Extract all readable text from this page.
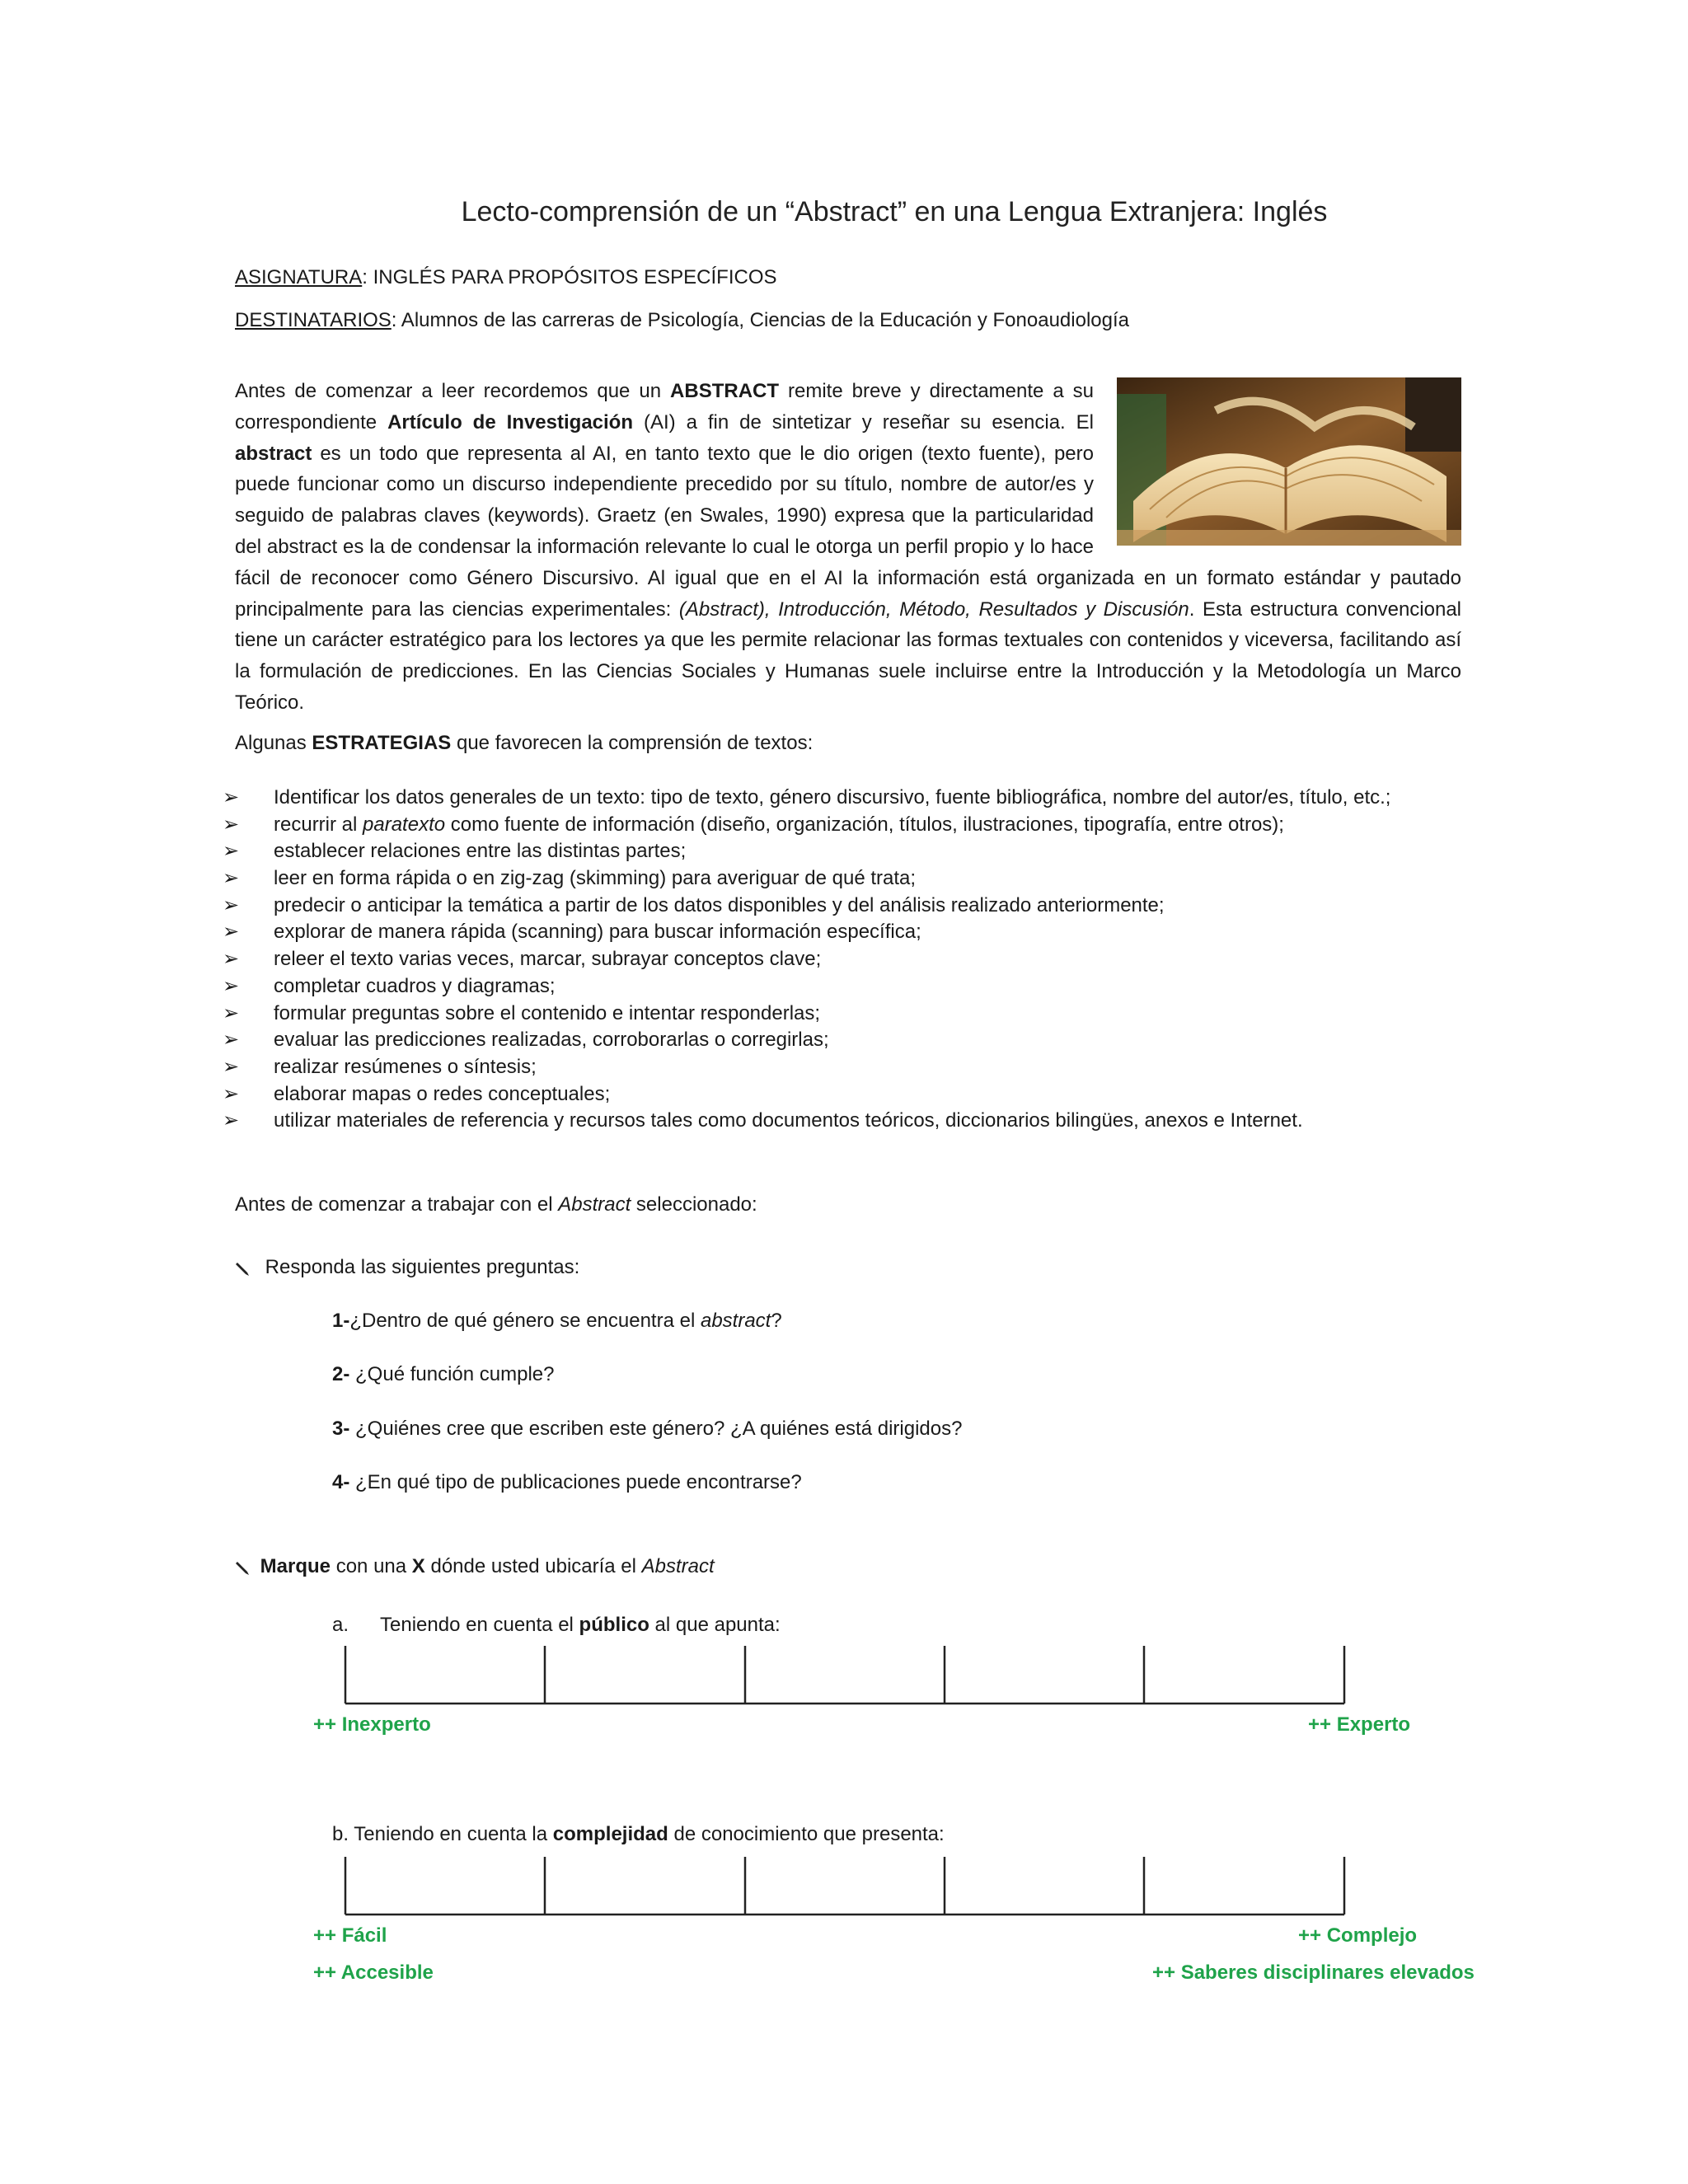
Lecto-comprensión de un “Abstract” en una Lengua Extranjera: Inglés
ASIGNATURA: INGLÉS PARA PROPÓSITOS ESPECÍFICOS
DESTINATARIOS: Alumnos de las carreras de Psicología, Ciencias de la Educación y Fonoaudiología

Antes de comenzar a leer recordemos que un ABSTRACT remite breve y directamente a su correspondiente Artículo de Investigación (AI) a fin de sintetizar y reseñar su esencia. El abstract es un todo que representa al AI, en tanto texto que le dio origen (texto fuente), pero puede funcionar como un discurso independiente precedido por su título, nombre de autor/es y seguido de palabras claves (keywords). Graetz (en Swales, 1990) expresa que la particularidad del abstract es la de condensar la información relevante lo cual le otorga un perfil propio y lo hace fácil de reconocer como Género Discursivo. Al igual que en el AI la información está organizada en un formato estándar y pautado principalmente para las ciencias experimentales: (Abstract), Introducción, Método, Resultados y Discusión. Esta estructura convencional tiene un carácter estratégico para los lectores ya que les permite relacionar las formas textuales con contenidos y viceversa, facilitando así la formulación de predicciones. En las Ciencias Sociales y Humanas suele incluirse entre la Introducción y la Metodología un Marco Teórico.

Algunas ESTRATEGIAS que favorecen la comprensión de textos:
➢ Identificar los datos generales de un texto: tipo de texto, género discursivo, fuente bibliográfica, nombre del autor/es, título, etc.;
➢ recurrir al paratexto como fuente de información (diseño, organización, títulos, ilustraciones, tipografía, entre otros);
➢ establecer relaciones entre las distintas partes;
➢ leer en forma rápida o en zig-zag (skimming) para averiguar de qué trata;
➢ predecir o anticipar la temática a partir de los datos disponibles y del análisis realizado anteriormente;
➢ explorar de manera rápida (scanning) para buscar información específica;
➢ releer el texto varias veces, marcar, subrayar conceptos clave;
➢ completar cuadros y diagramas;
➢ formular preguntas sobre el contenido e intentar responderlas;
➢ evaluar las predicciones realizadas, corroborarlas o corregirlas;
➢ realizar resúmenes o síntesis;
➢ elaborar mapas o redes conceptuales;
➢ utilizar materiales de referencia y recursos tales como documentos teóricos, diccionarios bilingües, anexos e Internet.
Antes de comenzar a trabajar con el Abstract seleccionado:
Responda las siguientes preguntas:
1-¿Dentro de qué género se encuentra el abstract?
2- ¿Qué función cumple?
3- ¿Quiénes cree que escriben este género? ¿A quiénes está dirigidos?
4- ¿En qué tipo de publicaciones puede encontrarse?
Marque con una X dónde usted ubicaría el Abstract
a. Teniendo en cuenta el público al que apunta:
++ Inexperto	++ Experto
b. Teniendo en cuenta la complejidad de conocimiento que presenta:
++ Fácil
++ Accesible
++ Complejo
++ Saberes disciplinares elevados
